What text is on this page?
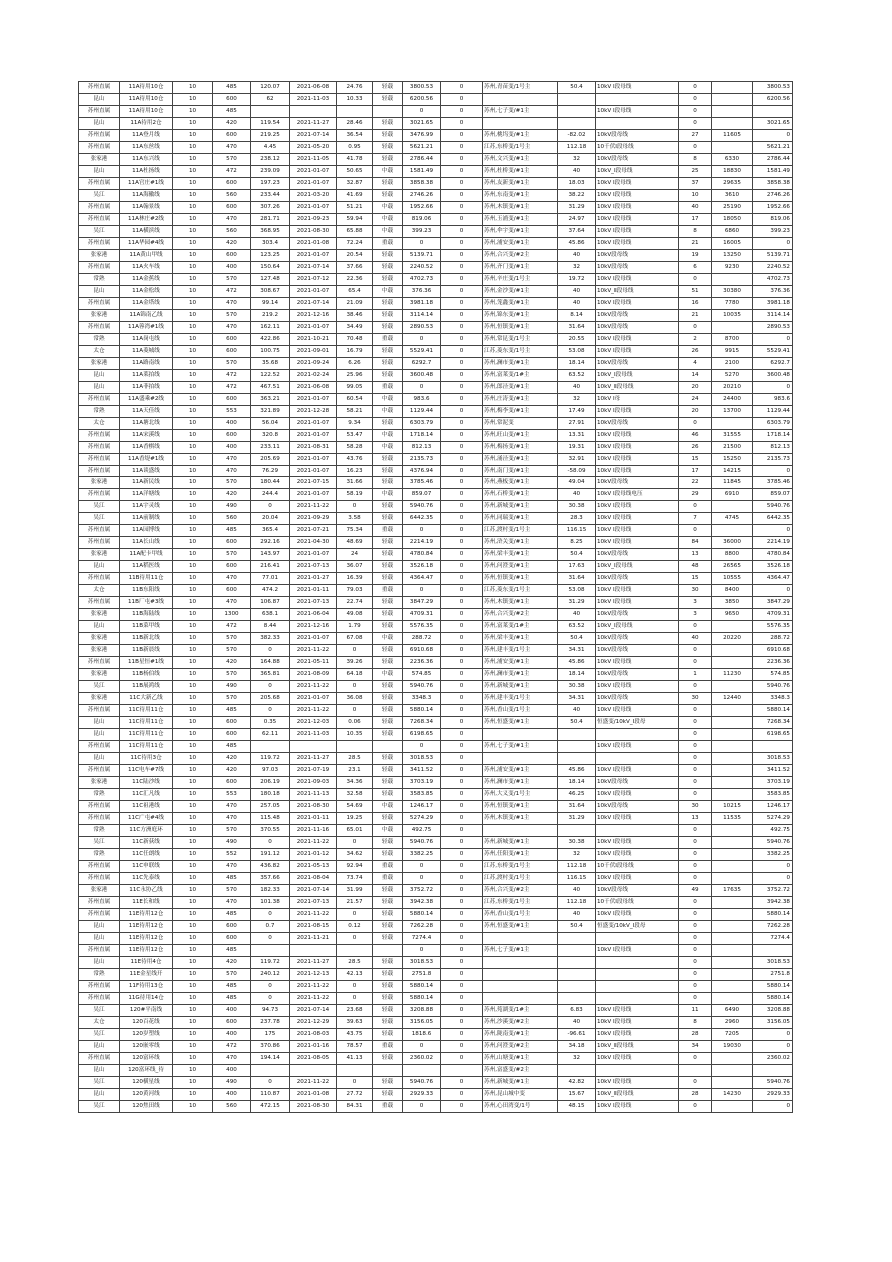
苏州直属	11A待用10仓	10	485	120.07	2021-06-08	24.76	轻载	3800.53	0	苏州,青苗变/1号主	50.4	10kV Ⅰ段母线	0		3800.53
昆山	11A待用10仓	10	600	62	2021-11-03	10.33	轻载	6200.56	0				0		6200.56
苏州直属	11A待用10仓	10	485					0	0	苏州,七子变/#1主		10kV Ⅰ段母线	0		
昆山	11A待用2仓	10	420	119.54	2021-11-27	28.46	轻载	3021.65	0				0		3021.65
苏州直属	11A登月线	10	600	219.25	2021-07-14	36.54	轻载	3476.99	0	苏州,桃坞变/#1主	-82.02	10kV段母线	27	11605	0
苏州直属	11A东丝线	10	470	4.45	2021-05-20	0.95	轻载	5621.21	0	江苏,东桥变/1号主	112.18	10千伏Ⅰ段母线	0		5621.21
张家港	11A东兴线	10	570	238.12	2021-11-05	41.78	轻载	2786.44	0	苏州,文兴变/#1主	32	10kV段母线	8	6330	2786.44
昆山	11A杜扬线	10	472	239.09	2021-01-07	50.65	中载	1581.49	0	苏州,杜桥变/#1主	40	10kV_Ⅰ段母线	25	18830	1581.49
苏州直属	11A官庄#1线	10	600	197.23	2021-01-07	32.87	轻载	3858.38	0	苏州,友新变/#1主	18.03	10kV Ⅰ段母线	37	29635	3858.38
吴江	11A海徽线	10	560	233.44	2021-03-20	41.69	轻载	2746.26	0	苏州,东南变/#1主	38.22	10kV Ⅰ段母线	10	3610	2746.26
苏州直属	11A翰景线	10	600	307.26	2021-01-07	51.21	中载	1952.66	0	苏州,木镇变/#1主	31.29	10kV Ⅰ段母线	40	25190	1952.66
苏州直属	11A林庄#2线	10	470	281.71	2021-09-23	59.94	中载	819.06	0	苏州,玉浦变/#1主	24.97	10kV Ⅰ段母线	17	18050	819.06
吴江	11A横滨线	10	560	368.95	2021-08-30	65.88	中载	399.23	0	苏州,伞宇变/#1主	37.64	10kV Ⅰ段母线	8	6860	399.23
苏州直属	11A华园#4线	10	420	303.4	2021-01-08	72.24	重载	0	0	苏州,浦安变/#1主	45.86	10kV Ⅰ段母线	21	16005	0
张家港	11A黄山甲线	10	600	123.25	2021-01-07	20.54	轻载	5139.71	0	苏州,合兴变/#2主	40	10kV段母线	19	13250	5139.71
苏州直属	11A火车线	10	400	150.64	2021-07-14	37.66	轻载	2240.52	0	苏州,齐门变/#1主	32	10kV段母线	6	9230	2240.52
常熟	11A金蕉线	10	570	127.48	2021-07-12	22.36	轻载	4702.73	0	苏州,辛庄变/1号主	19.72	10kV Ⅰ段母线	0		4702.73
昆山	11A金松线	10	472	308.67	2021-01-07	65.4	中载	376.36	0	苏州,金沙变/#1主	40	10kV_Ⅱ段母线	51	30380	376.36
苏州直属	11A金塔线	10	470	99.14	2021-07-14	21.09	轻载	3981.18	0	苏州,笼鑫变/#1主	40	10kV Ⅰ段母线	16	7780	3981.18
张家港	11A锦南乙线	10	570	219.2	2021-12-16	38.46	轻载	3114.14	0	苏州,锦东变/#1主	8.14	10kV段母线	21	10035	3114.14
苏州直属	11A蓉湾#1线	10	470	162.11	2021-01-07	34.49	轻载	2890.53	0	苏州,恒镇变/#1主	31.64	10kV段母线	0		2890.53
常熟	11A岗屯线	10	600	422.86	2021-10-21	70.48	重载	0	0	苏州,常昆变/1号主	20.55	10kV Ⅰ段母线	2	8700	0
太仓	11A菱城线	10	600	100.75	2021-09-01	16.79	轻载	5529.41	0	江苏,菱东变/1号主	53.08	10kV Ⅰ段母线	26	9915	5529.41
张家港	11A路南线	10	570	35.68	2021-09-24	6.26	轻载	6292.7	0	苏州,澜市变/#1主	18.14	10kV段母线	4	2100	6292.7
昆山	11A莱拍线	10	472	122.52	2021-02-24	25.96	轻载	3600.48	0	苏州,富莱变/1#主	63.52	10kV_Ⅰ段母线	14	5270	3600.48
昆山	11A菲拍线	10	472	467.51	2021-06-08	99.05	重载	0	0	苏州,郎泾变/#1主	40	10kV_Ⅱ段母线	20	20210	0
苏州直属	11A盛乘#2线	10	600	363.21	2021-01-07	60.54	中载	983.6	0	苏州,庄涛变/#1主	32	10kV Ⅰ母	24	24400	983.6
常熟	11A天佳线	10	553	321.89	2021-12-28	58.21	中载	1129.44	0	苏州,梅李变/#1主	17.49	10kV Ⅰ段母线	20	13700	1129.44
太仓	11A塘北线	10	400	56.04	2021-01-07	9.34	轻载	6303.79	0	苏州,常泥变	27.91	10kV段母线	0		6303.79
苏州直属	11A宋溪线	10	600	320.8	2021-01-07	53.47	中载	1718.14	0	苏州,旺山变/#1主	13.31	10kV Ⅰ段母线	46	31555	1718.14
苏州直属	11A香棋线	10	400	233.11	2021-08-31	58.28	中载	812.13	0	苏州,梅扬变/#1主	19.31	10kV Ⅰ段母线	26	21500	812.13
苏州直属	11A香堤#1线	10	470	205.69	2021-01-07	43.76	轻载	2135.73	0	苏州,涌泾变/#1主	32.91	10kV Ⅰ段母线	15	15250	2135.73
苏州直属	11A谈盛线	10	470	76.29	2021-01-07	16.23	轻载	4376.94	0	苏州,南门变/#1主	-58.09	10kV Ⅰ段母线	17	14215	0
张家港	11A新民线	10	570	180.44	2021-07-15	31.66	轻载	3785.46	0	苏州,燕板变/#1主	49.04	10kV段母线	22	11845	3785.46
苏州直属	11A洋塘线	10	420	244.4	2021-01-07	58.19	中载	859.07	0	苏州,石桥变/#1主	40	10kV Ⅰ段母线电压	29	6910	859.07
吴江	11A宇灵线	10	490	0	2021-11-22	0	轻载	5940.76	0	苏州,新城变/#1主	30.38	10kV Ⅰ段母线	0		5940.76
吴江	11A前制线	10	560	20.04	2021-09-29	3.58	轻载	6442.35	0	苏州,同瑞变/#1主	28.3	10kV Ⅰ段母线	7	4745	6442.35
苏州直属	11A园博线	10	485	365.4	2021-07-21	75.34	重载	0	0	江苏,渡村变/1号主	116.15	10kV Ⅰ段母线	0		0
苏州直属	11A长山线	10	600	292.16	2021-04-30	48.69	轻载	2214.19	0	苏州,浒关变/#1主	8.25	10kV Ⅰ段母线	84	36000	2214.19
张家港	11A配卡甲线	10	570	143.97	2021-01-07	24	轻载	4780.84	0	苏州,梁丰变/#1主	50.4	10kV段母线	13	8800	4780.84
昆山	11A稻医线	10	600	216.41	2021-07-13	36.07	轻载	3526.18	0	苏州,问澄变/#1主	17.63	10kV_Ⅰ段母线	48	26565	3526.18
苏州直属	11B待用11仓	10	470	77.01	2021-01-27	16.39	轻载	4364.47	0	苏州,恒镇变/#1主	31.64	10kV段母线	15	10555	4364.47
太仓	11B东阳线	10	600	474.2	2021-01-11	79.03	重载	0	0	江苏,菱东变/1号主	53.08	10kV Ⅰ段母线	30	8400	0
苏州直属	11B厂屯#3线	10	470	106.87	2021-07-13	22.74	轻载	3847.29	0	苏州,木镇变/#1主	31.29	10kV Ⅰ段母线	3	3850	3847.29
张家港	11B海陆线	10	1300	638.1	2021-06-04	49.08	轻载	4709.31	0	苏州,合兴变/#2主	40	10kV段母线	3	9650	4709.31
昆山	11B菜甲线	10	472	8.44	2021-12-16	1.79	轻载	5576.35	0	苏州,富莱变/1#主	63.52	10kV_Ⅰ段母线	0		5576.35
张家港	11B新北线	10	570	382.33	2021-01-07	67.08	中载	288.72	0	苏州,梁丰变/#1主	50.4	10kV段母线	40	20220	288.72
张家港	11B新晨线	10	570	0	2021-11-22	0	轻载	6910.68	0	苏州,建丰变/1号主	34.31	10kV段母线	0		6910.68
苏州直属	11B星恒#1线	10	420	164.88	2021-05-11	39.26	轻载	2236.36	0	苏州,浦安变/#1主	45.86	10kV Ⅰ段母线	0		2236.36
张家港	11B杨伯线	10	570	365.81	2021-08-09	64.18	中载	574.85	0	苏州,澜市变/#1主	18.14	10kV段母线	1	11230	574.85
吴江	11B展鸿线	10	490	0	2021-11-22	0	轻载	5940.76	0	苏州,新城变/#1主	30.38	10kV Ⅰ段母线	0		5940.76
张家港	11C大新乙线	10	570	205.68	2021-01-07	36.08	轻载	3348.3	0	苏州,建丰变/1号主	34.31	10kV段母线	30	12440	3348.3
苏州直属	11C待用11仓	10	485	0	2021-11-22	0	轻载	5880.14	0	苏州,香山变/1号主	40	10kV Ⅰ段母线	0		5880.14
昆山	11C待用11仓	10	600	0.35	2021-12-03	0.06	轻载	7268.34	0	苏州,恒盛变/#1主	50.4	恒盛变/10kV_Ⅰ段母	0		7268.34
昆山	11C待用11仓	10	600	62.11	2021-11-03	10.35	轻载	6198.65	0				0		6198.65
苏州直属	11C待用11仓	10	485					0	0	苏州,七子变/#1主		10kV Ⅰ段母线	0		
昆山	11C待用3仓	10	420	119.72	2021-11-27	28.5	轻载	3018.53	0				0		3018.53
苏州直属	11C电车#7线	10	420	97.03	2021-07-19	23.1	轻载	3411.52	0	苏州,浦安变/#1主	45.86	10kV Ⅰ段母线	0		3411.52
张家港	11C陆沙线	10	600	206.19	2021-09-03	34.36	轻载	3703.19	0	苏州,澜市变/#1主	18.14	10kV段母线	0		3703.19
常熟	11C汇凡线	10	553	180.18	2021-11-13	32.58	轻载	3583.85	0	苏州,大义变/1号主	46.25	10kV Ⅰ段母线	0		3583.85
苏州直属	11C祖港线	10	470	257.05	2021-08-30	54.69	中载	1246.17	0	苏州,恒镇变/#1主	31.64	10kV段母线	30	10215	1246.17
苏州直属	11C广屯#4线	10	470	115.48	2021-01-11	19.25	轻载	5274.29	0	苏州,木镇变/#1主	31.29	10kV Ⅰ段母线	13	11535	5274.29
常熟	11C方洲庭环	10	570	370.55	2021-11-16	65.01	中载	492.75	0				0		492.75
吴江	11C新荻线	10	490	0	2021-11-22	0	轻载	5940.76	0	苏州,新城变/#1主	30.38	10kV Ⅰ段母线	0		5940.76
常熟	11C任朗线	10	552	191.12	2021-01-12	34.62	轻载	3382.25	0	苏州,任阳变/#1主	32	10kV Ⅰ段母线	0		3382.25
苏州直属	11C申联线	10	470	436.82	2021-05-13	92.94	重载	0	0	江苏,东桥变/1号主	112.18	10千伏Ⅰ段母线	0		0
苏州直属	11C先泰线	10	485	357.66	2021-08-04	73.74	重载	0	0	江苏,渡村变/1号主	116.15	10kV Ⅰ段母线	0		0
张家港	11C永协乙线	10	570	182.33	2021-07-14	31.99	轻载	3752.72	0	苏州,合兴变/#2主	40	10kV段母线	49	17635	3752.72
苏州直属	11E长和线	10	470	101.38	2021-07-13	21.57	轻载	3942.38	0	江苏,东桥变/1号主	112.18	10千伏Ⅰ段母线	0		3942.38
苏州直属	11E待用12仓	10	485	0	2021-11-22	0	轻载	5880.14	0	苏州,香山变/1号主	40	10kV Ⅰ段母线	0		5880.14
昆山	11E待用12仓	10	600	0.7	2021-08-15	0.12	轻载	7262.28	0	苏州,恒盛变/#1主	50.4	恒盛变/10kV_Ⅰ段母	0		7262.28
昆山	11E待用12仓	10	600	0	2021-11-21	0	轻载	7274.4	0				0		7274.4
苏州直属	11E待用12仓	10	485					0	0	苏州,七子变/#1主		10kV Ⅰ段母线	0		
昆山	11E待用4仓	10	420	119.72	2021-11-27	28.5	轻载	3018.53	0				0		3018.53
常熟	11E金星线开	10	570	240.12	2021-12-13	42.13	轻载	2751.8	0				0		2751.8
苏州直属	11F待用13仓	10	485	0	2021-11-22	0	轻载	5880.14	0				0		5880.14
苏州直属	11G待用14仓	10	485	0	2021-11-22	0	轻载	5880.14	0				0		5880.14
吴江	120#平南线	10	400	94.73	2021-07-14	23.68	轻载	3208.88	0	苏州,菀湖变/1#主	6.83	10kV Ⅰ段母线	11	6490	3208.88
太仓	120百花线	10	600	237.78	2021-12-29	39.63	轻载	3156.05	0	苏州,沙溪变/#2主	40	10kV Ⅰ段母线	8	2960	3156.05
吴江	120岁塑线	10	400	175	2021-08-03	43.75	轻载	1818.6	0	苏州,陇南变/#1主	-96.61	10kV Ⅰ段母线	28	7205	0
昆山	120嵌零线	10	472	370.86	2021-01-16	78.57	重载	0	0	苏州,问澄变/#2主	34.18	10kV_Ⅱ段母线	34	19030	0
苏州直属	120富环线	10	470	194.14	2021-08-05	41.13	轻载	2360.02	0	苏州,山塘变/#1主	32	10kV Ⅰ段母线	0		2360.02
昆山	120富环线_待	10	400							苏州,富盛变/#2主					
吴江	120横星线	10	490	0	2021-11-22	0	轻载	5940.76	0	苏州,新城变/#1主	42.82	10kV Ⅰ段母线	0		5940.76
昆山	120黄河线	10	400	110.87	2021-01-08	27.72	轻载	2929.33	0	苏州,昆山城中变	15.67	10kV_Ⅱ段母线	28	14230	2929.33
吴江	120焦田线	10	560	472.15	2021-08-30	84.31	重载	0	0	苏州,心田湾变/1号	48.15	10kV Ⅰ段母线	0		0
